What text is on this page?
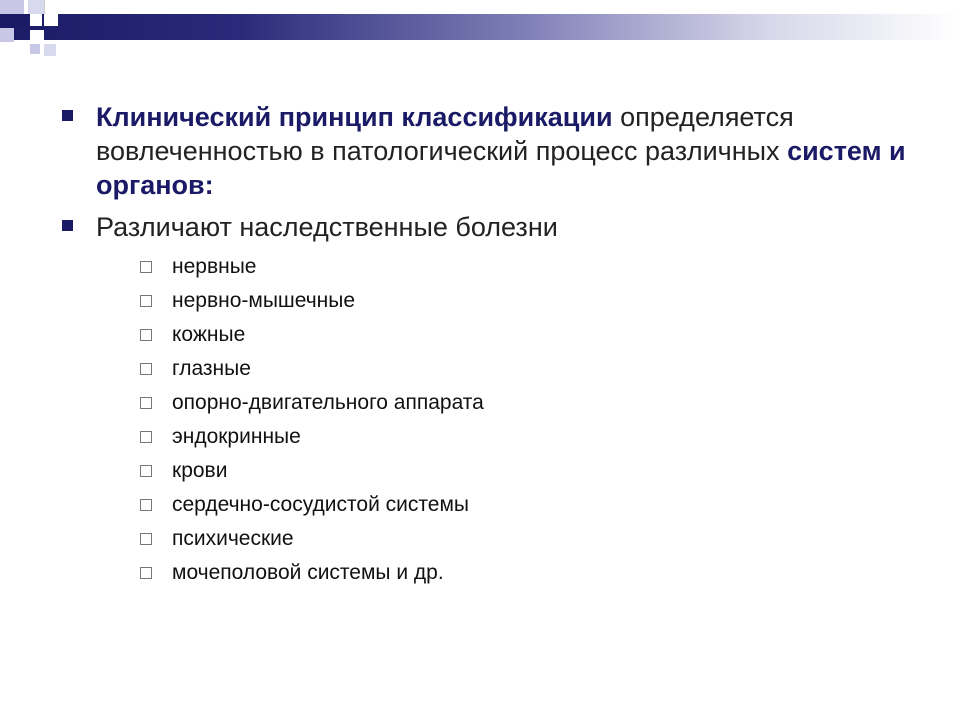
Клинический принцип классификации определяется вовлеченностью в патологический процесс различных систем и органов:
Различают наследственные болезни
нервные
нервно-мышечные
кожные
глазные
опорно-двигательного аппарата
эндокринные
крови
сердечно-сосудистой системы
психические
мочеполовой системы и др.
